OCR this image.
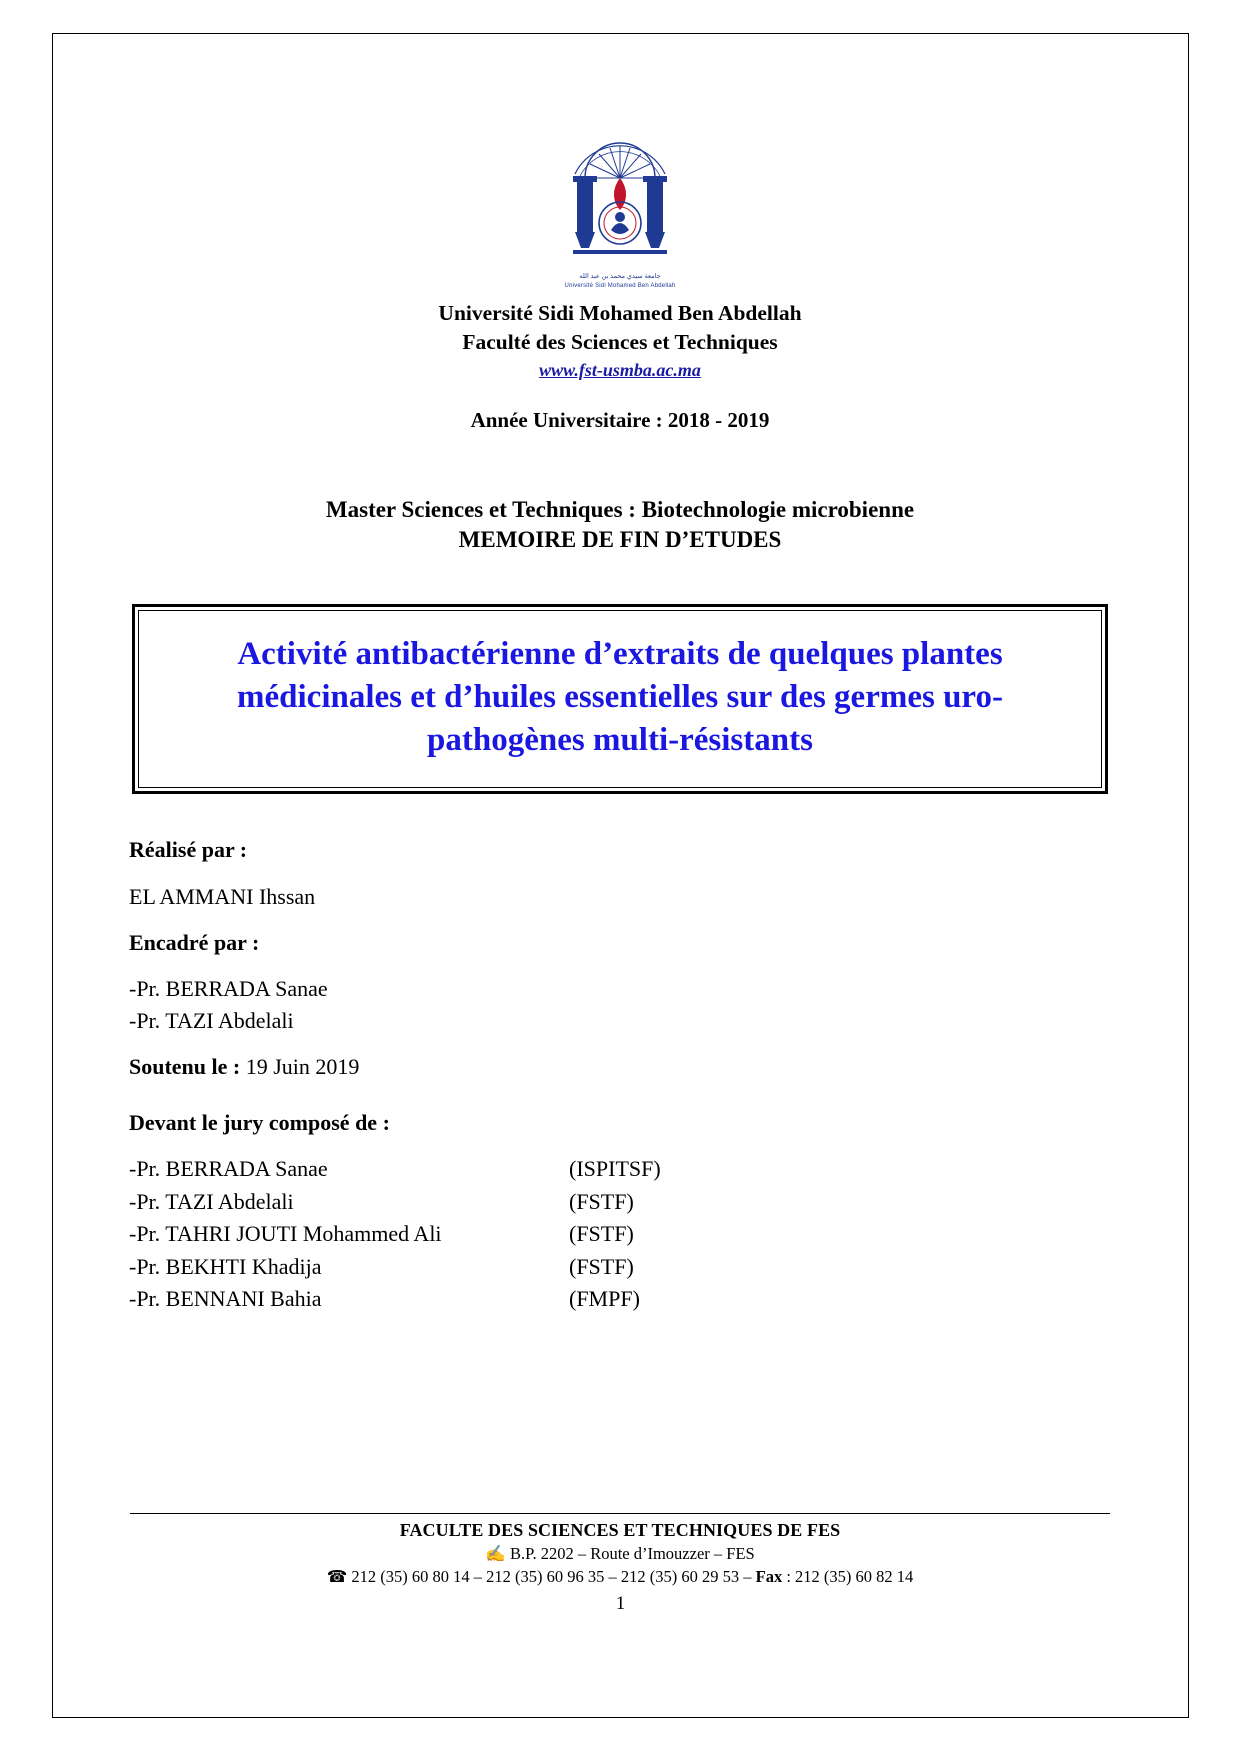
جامعة سيدي محمد بن عبد الله
Université Sidi Mohamed Ben Abdellah
Université Sidi Mohamed Ben Abdellah
Faculté des Sciences et Techniques
www.fst-usmba.ac.ma
Année Universitaire : 2018 - 2019
Master Sciences et Techniques : Biotechnologie microbienne
MEMOIRE DE FIN D’ETUDES
Activité antibactérienne d’extraits de quelques plantes médicinales et d’huiles essentielles sur des germes uro-pathogènes multi-résistants
Réalisé par :
EL AMMANI Ihssan
Encadré par :
-Pr. BERRADA Sanae
-Pr. TAZI Abdelali
Soutenu le : 19 Juin 2019
Devant le jury composé de :
-Pr. BERRADA Sanae	(ISPITSF)
-Pr. TAZI Abdelali	(FSTF)
-Pr. TAHRI JOUTI Mohammed Ali	(FSTF)
-Pr. BEKHTI Khadija	(FSTF)
-Pr. BENNANI Bahia	(FMPF)
FACULTE DES SCIENCES ET TECHNIQUES DE FES
✍ B.P. 2202 – Route d’Imouzzer – FES
☎ 212 (35) 60 80 14 – 212 (35) 60 96 35 – 212 (35) 60 29 53 – Fax : 212 (35) 60 82 14
1
